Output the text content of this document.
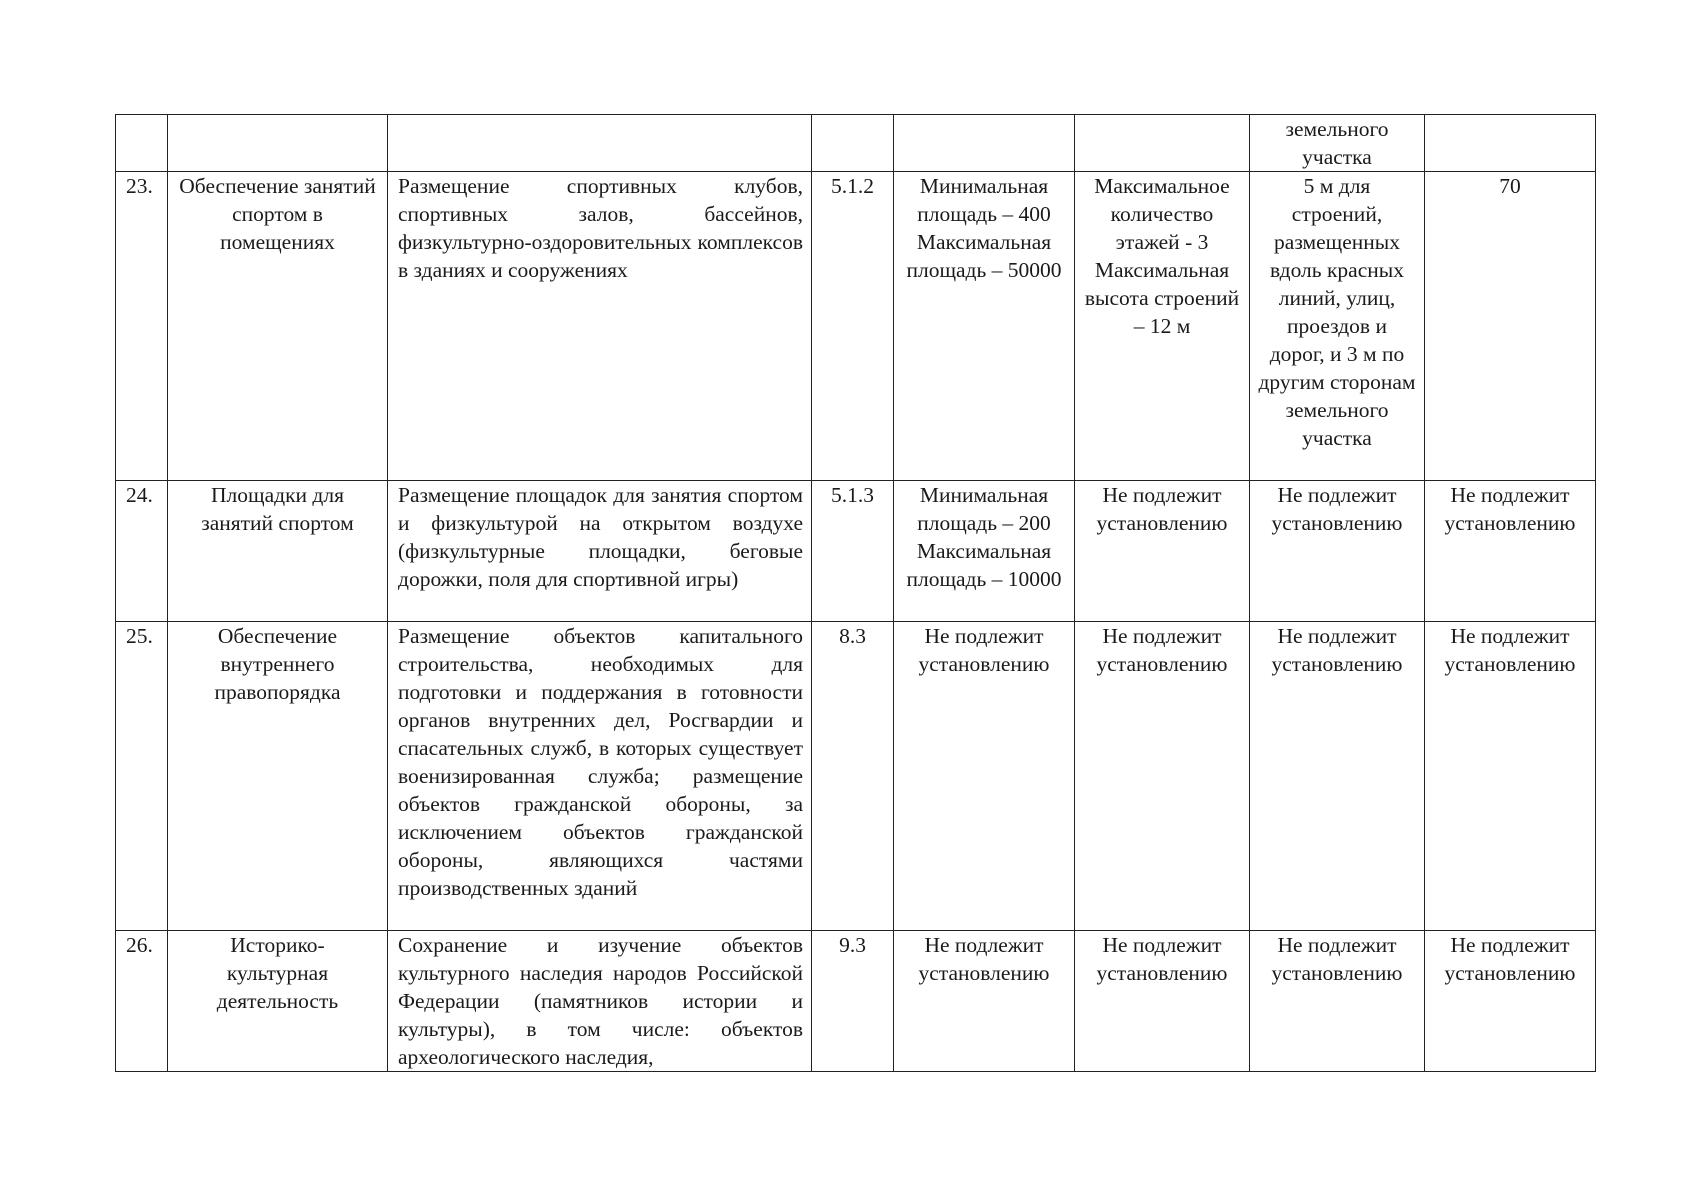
						земельного участка	

23.	Обеспечение занятий спортом в помещениях	Размещение спортивных клубов, спортивных залов, бассейнов, физкультурно-оздоровительных комплексов в зданиях и сооружениях	5.1.2	Минимальная площадь – 400 Максимальная площадь – 50000	Максимальное количество этажей - 3 Максимальная высота строений – 12 м	5 м для строений, размещенных вдоль красных линий, улиц, проездов и дорог, и 3 м по другим сторонам земельного участка	70
24.	Площадки для занятий спортом	Размещение площадок для занятия спортом и физкультурой на открытом воздухе (физкультурные площадки, беговые дорожки, поля для спортивной игры)	5.1.3	Минимальная площадь – 200 Максимальная площадь – 10000	Не подлежит установлению	Не подлежит установлению	Не подлежит установлению

25.	Обеспечение внутреннего правопорядка	Размещение объектов капитального строительства, необходимых для подготовки и поддержания в готовности органов внутренних дел, Росгвардии и спасательных служб, в которых существует военизированная служба; размещение объектов гражданской обороны, за исключением объектов гражданской обороны, являющихся частями производственных зданий	8.3	Не подлежит установлению	Не подлежит установлению	Не подлежит установлению	Не подлежит установлению

26.	Историко-культурная деятельность	Сохранение и изучение объектов культурного наследия народов Российской Федерации (памятников истории и культуры), в том числе: объектов археологического наследия,	9.3	Не подлежит установлению	Не подлежит установлению	Не подлежит установлению	Не подлежит установлению
